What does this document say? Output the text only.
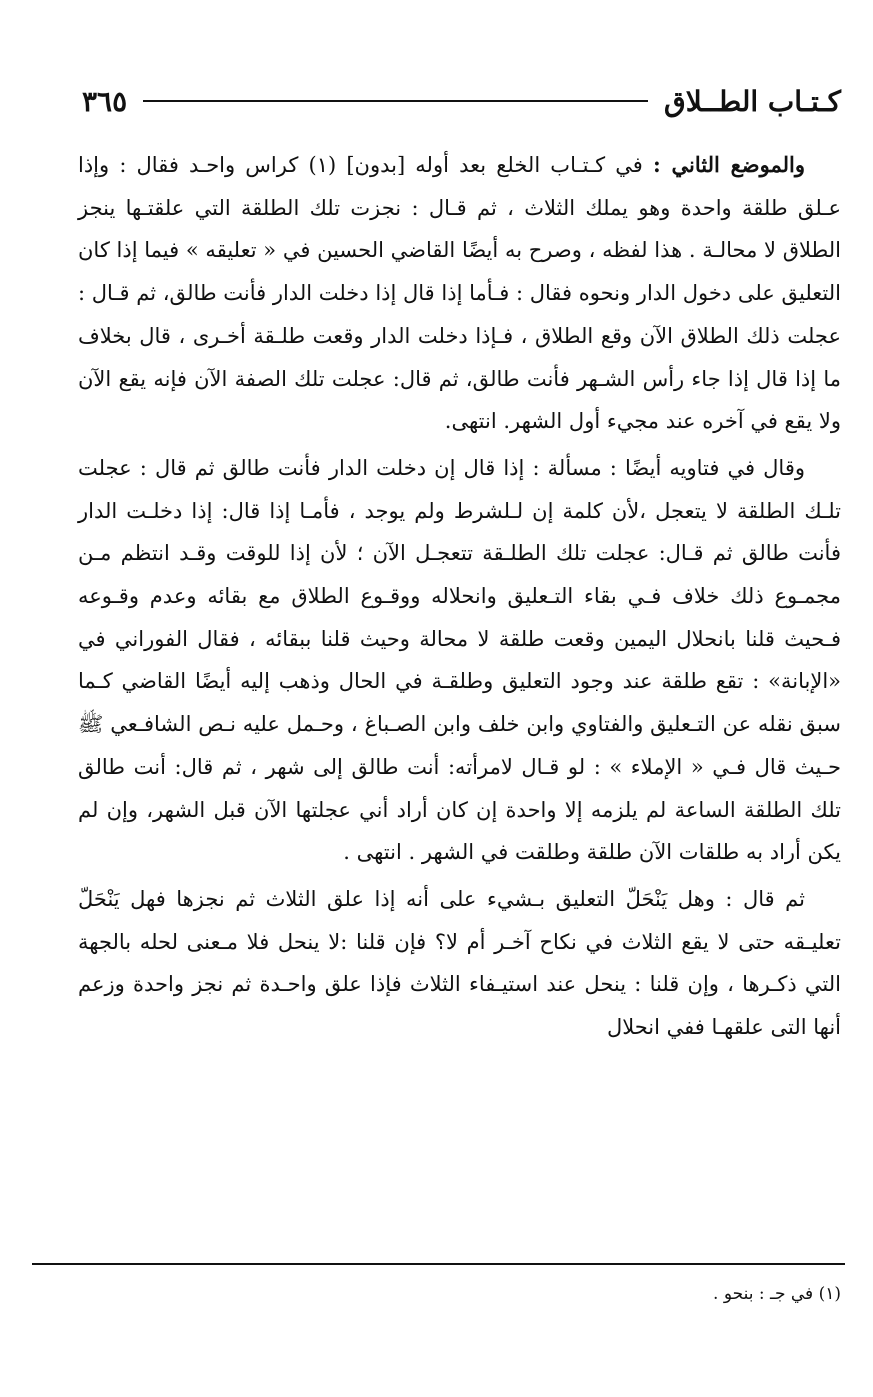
كـتـاب الطــلاق
٣٦٥

والموضع الثاني : في كـتـاب الخلع بعد أوله [بدون] (١) كراس واحـد فقال : وإذا عـلق طلقة واحدة وهو يملك الثلاث ، ثم قـال : نجزت تلك الطلقة التي علقتـها ينجز الطلاق لا محالـة . هذا لفظه ، وصرح به أيضًا القاضي الحسين في « تعليقه » فيما إذا كان التعليق على دخول الدار ونحوه فقال : فـأما إذا قال إذا دخلت الدار فأنت طالق، ثم قـال : عجلت ذلك الطلاق الآن وقع الطلاق ، فـإذا دخلت الدار وقعت طلـقة أخـرى ، قال بخلاف ما إذا قال إذا جاء رأس الشـهر فأنت طالق، ثم قال: عجلت تلك الصفة الآن فإنه يقع الآن ولا يقع في آخره عند مجيء أول الشهر. انتهى.

وقال في فتاويه أيضًا : مسألة : إذا قال إن دخلت الدار فأنت طالق ثم قال : عجلت تلـك الطلقة لا يتعجل ،لأن كلمة إن لـلشرط ولم يوجد ، فأمـا إذا قال: إذا دخلـت الدار فأنت طالق ثم قـال: عجلت تلك الطلـقة تتعجـل الآن ؛ لأن إذا للوقت وقـد انتظم مـن مجمـوع ذلك خلاف فـي بقاء التـعليق وانحلاله ووقـوع الطلاق مع بقائه وعدم وقـوعه فـحيث قلنا بانحلال اليمين وقعت طلقة لا محالة وحيث قلنا ببقائه ، فقال الفوراني في «الإبانة» : تقع طلقة عند وجود التعليق وطلقـة في الحال وذهب إليه أيضًا القاضي كـما سبق نقله عن التـعليق والفتاوي وابن خلف وابن الصـباغ ، وحـمل عليه نـص الشافـعي ﷺ حـيث قال فـي « الإملاء » : لو قـال لامرأته: أنت طالق إلى شهر ، ثم قال: أنت طالق تلك الطلقة الساعة لم يلزمه إلا واحدة إن كان أراد أني عجلتها الآن قبل الشهر، وإن لم يكن أراد به طلقات الآن طلقة وطلقت في الشهر . انتهى .

ثم قال : وهل يَنْحَلّ التعليق بـشيء على أنه إذا علق الثلاث ثم نجزها فهل يَنْحَلّ تعليـقه حتى لا يقع الثلاث في نكاح آخـر أم لا؟ فإن قلنا :لا ينحل فلا مـعنى لحله بالجهة التي ذكـرها ، وإن قلنا : ينحل عند استيـفاء الثلاث فإذا علق واحـدة ثم نجز واحدة وزعم أنها التى علقهـا ففي انحلال

(١) في جـ : بنحو .
